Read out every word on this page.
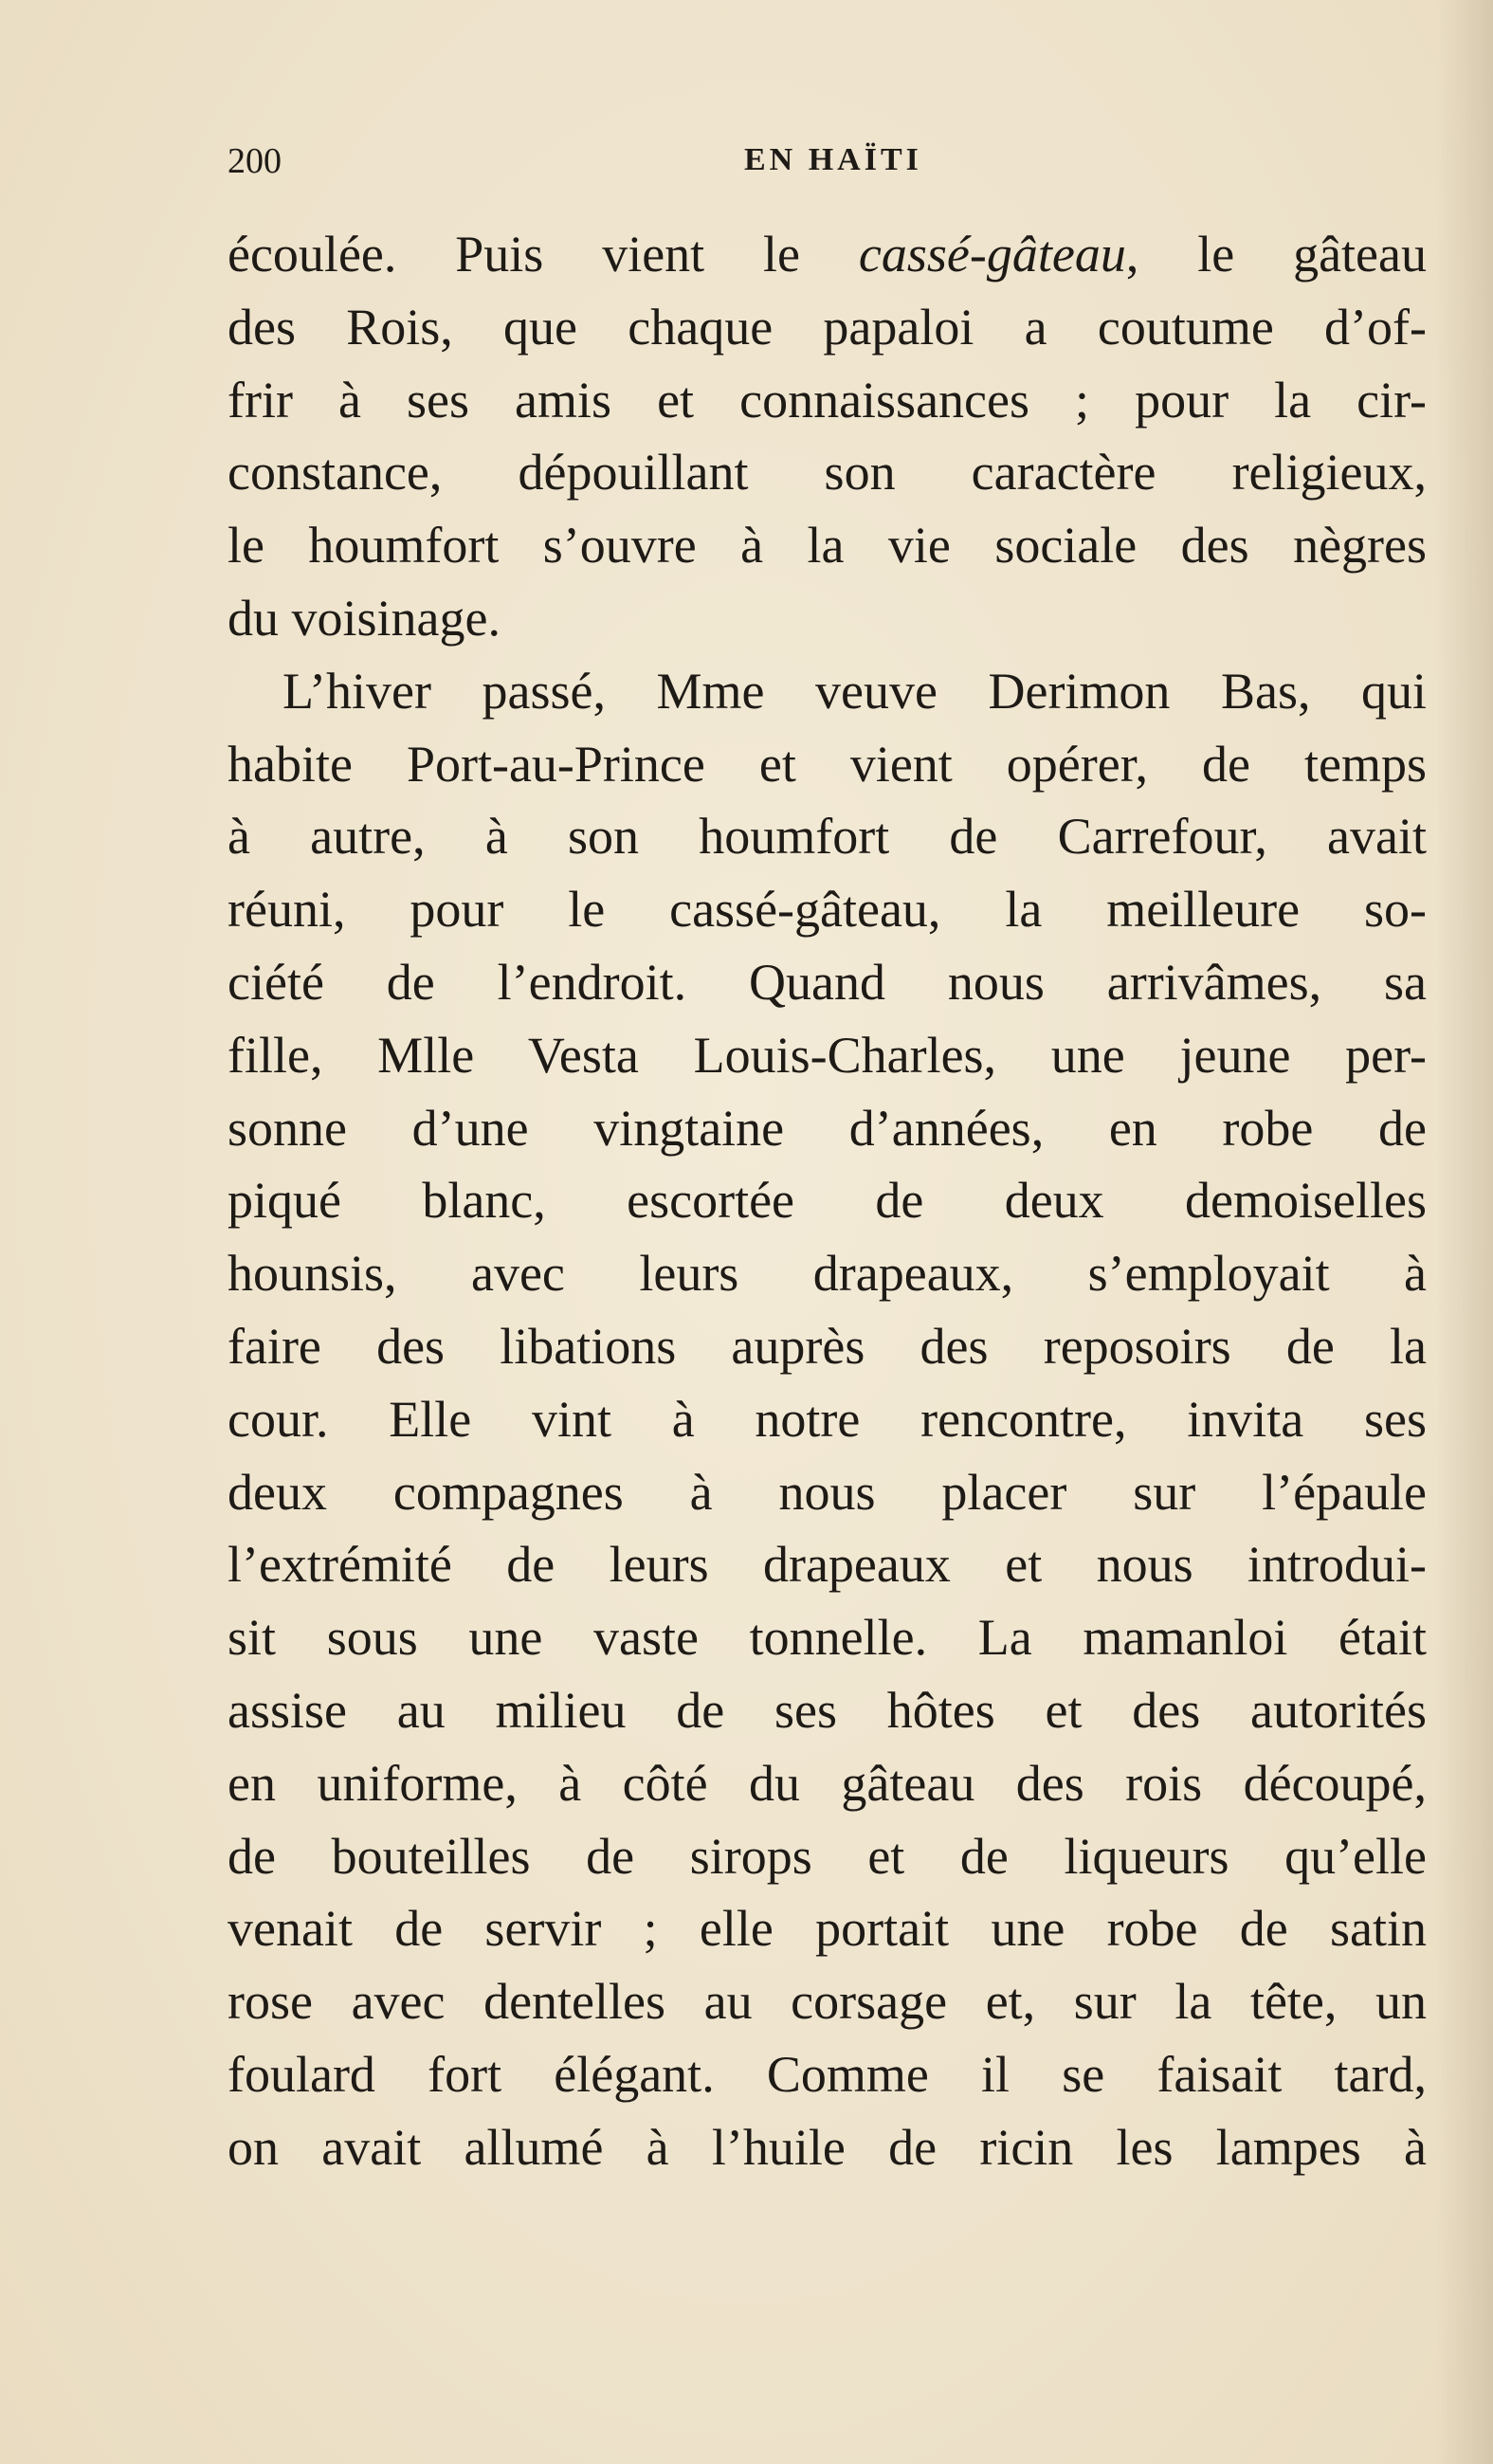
200	EN HAÏTI
écoulée. Puis vient le cassé-gâteau, le gâteau
des Rois, que chaque papaloi a coutume d’of-
frir à ses amis et connaissances ; pour la cir-
constance, dépouillant son caractère religieux,
le houmfort s’ouvre à la vie sociale des nègres
du voisinage.
L’hiver passé, Mme veuve Derimon Bas, qui
habite Port-au-Prince et vient opérer, de temps
à autre, à son houmfort de Carrefour, avait
réuni, pour le cassé-gâteau, la meilleure so-
ciété de l’endroit. Quand nous arrivâmes, sa
fille, Mlle Vesta Louis-Charles, une jeune per-
sonne d’une vingtaine d’années, en robe de
piqué blanc, escortée de deux demoiselles
hounsis, avec leurs drapeaux, s’employait à
faire des libations auprès des reposoirs de la
cour. Elle vint à notre rencontre, invita ses
deux compagnes à nous placer sur l’épaule
l’extrémité de leurs drapeaux et nous introdui-
sit sous une vaste tonnelle. La mamanloi était
assise au milieu de ses hôtes et des autorités
en uniforme, à côté du gâteau des rois découpé,
de bouteilles de sirops et de liqueurs qu’elle
venait de servir ; elle portait une robe de satin
rose avec dentelles au corsage et, sur la tête, un
foulard fort élégant. Comme il se faisait tard,
on avait allumé à l’huile de ricin les lampes à
